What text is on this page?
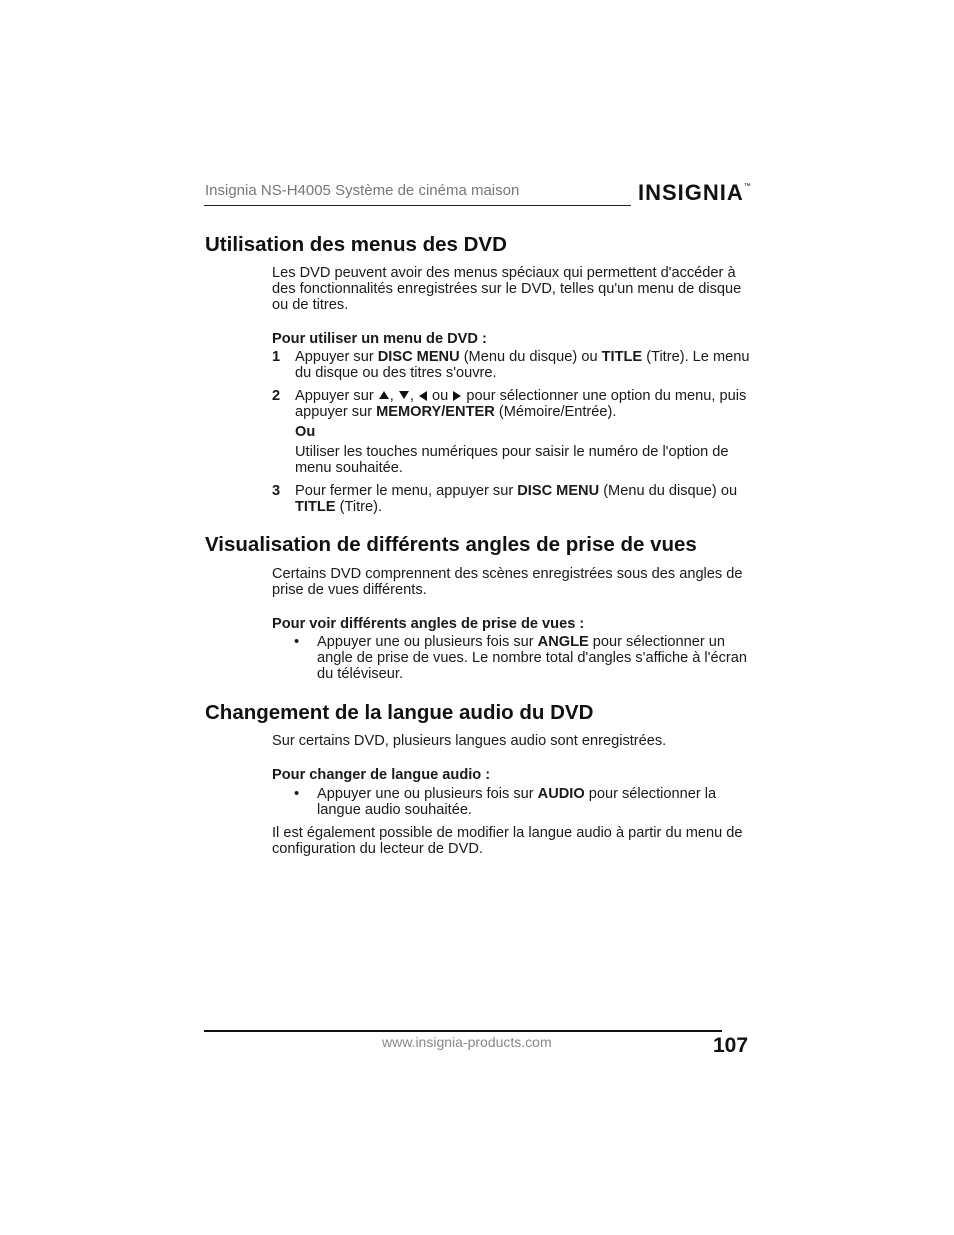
Insignia NS-H4005 Système de cinéma maison	INSIGNIA™
Utilisation des menus des DVD

Les DVD peuvent avoir des menus spéciaux qui permettent d'accéder à des fonctionnalités enregistrées sur le DVD, telles qu'un menu de disque ou de titres.

Pour utiliser un menu de DVD :

1 Appuyer sur DISC MENU (Menu du disque) ou TITLE (Titre). Le menu du disque ou des titres s'ouvre.

2 Appuyer sur , ,  ou  pour sélectionner une option du menu, puis appuyer sur MEMORY/ENTER (Mémoire/Entrée).

Ou

Utiliser les touches numériques pour saisir le numéro de l'option de menu souhaitée.

3 Pour fermer le menu, appuyer sur DISC MENU (Menu du disque) ou TITLE (Titre).

Visualisation de différents angles de prise de vues

Certains DVD comprennent des scènes enregistrées sous des angles de prise de vues différents.

Pour voir différents angles de prise de vues :

• Appuyer une ou plusieurs fois sur ANGLE pour sélectionner un angle de prise de vues. Le nombre total d'angles s'affiche à l'écran du téléviseur.

Changement de la langue audio du DVD

Sur certains DVD, plusieurs langues audio sont enregistrées.

Pour changer de langue audio :

• Appuyer une ou plusieurs fois sur AUDIO pour sélectionner la langue audio souhaitée.

Il est également possible de modifier la langue audio à partir du menu de configuration du lecteur de DVD.

www.insignia-products.com	107
